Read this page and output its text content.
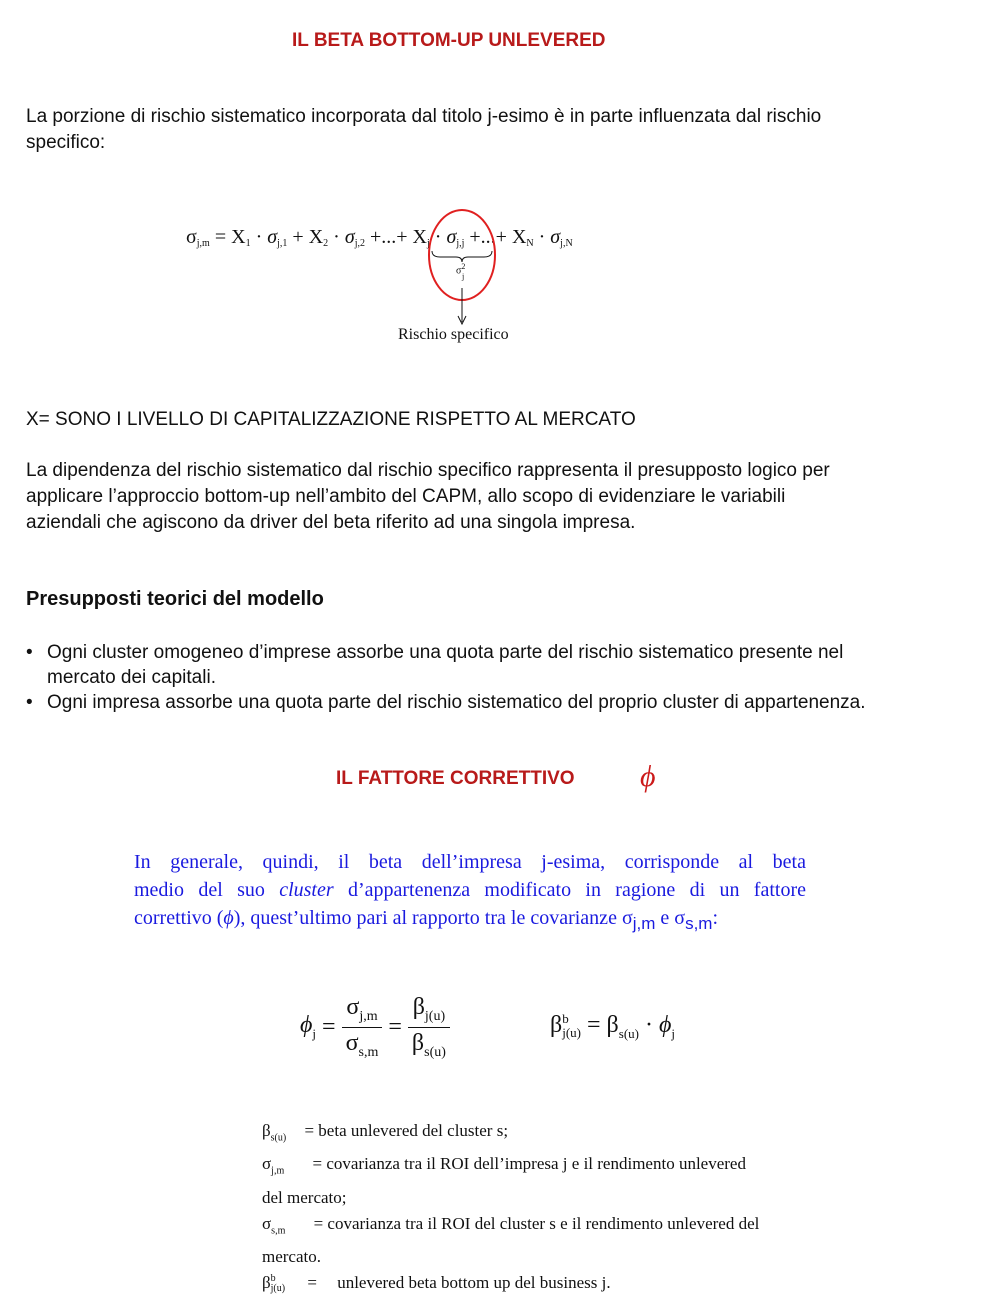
IL BETA BOTTOM-UP UNLEVERED
La porzione di rischio sistematico incorporata dal titolo j-esimo è in parte influenzata dal rischio
specifico:
$\sigma_{j,m} = X_1 \cdot \sigma_{j,1} + X_2 \cdot \sigma_{j,2}$ +...+ $X_j \cdot \sigma_{j,j}$ +...+ $X_N \cdot \sigma_{j,N}$
$\sigma^2$
j
Rischio specifico
X= SONO I LIVELLO DI CAPITALIZZAZIONE RISPETTO AL MERCATO
La dipendenza del rischio sistematico dal rischio specifico rappresenta il presupposto logico per
applicare l’approccio bottom-up nell’ambito del CAPM, allo scopo di evidenziare le variabili
aziendali che agiscono da driver del beta riferito ad una singola impresa.
Presupposti teorici del modello
• Ogni cluster omogeneo d’imprese assorbe una quota parte del rischio sistematico presente nel
mercato dei capitali.
• Ogni impresa assorbe una quota parte del rischio sistematico del proprio cluster di appartenenza.
IL FATTORE CORRETTIVO ϕ
In generale, quindi, il beta dell’impresa j-esima, corrisponde al beta
medio del suo cluster d’appartenenza modificato in ragione di un fattore
correttivo (ϕ), quest’ultimo pari al rapporto tra le covarianze $\sigma_{j,m}$ e $\sigma_{s,m}$:
$\phi_j = \frac{\sigma_{j,m}}{\sigma_{s,m}} = \frac{\beta_{j(u)}}{\beta_{s(u)}}$	β b
$j(u) = \beta_{s(u)} \cdot \phi_j$
$\beta_{s(u)}$ = beta unlevered del cluster s;
$\sigma_{j,m}$ = covarianza tra il ROI dell’impresa j e il rendimento unlevered
del mercato;
$\sigma_{s,m}$ = covarianza tra il ROI del cluster s e il rendimento unlevered del
mercato.
β b
j(u) = unlevered beta bottom up del business j.
